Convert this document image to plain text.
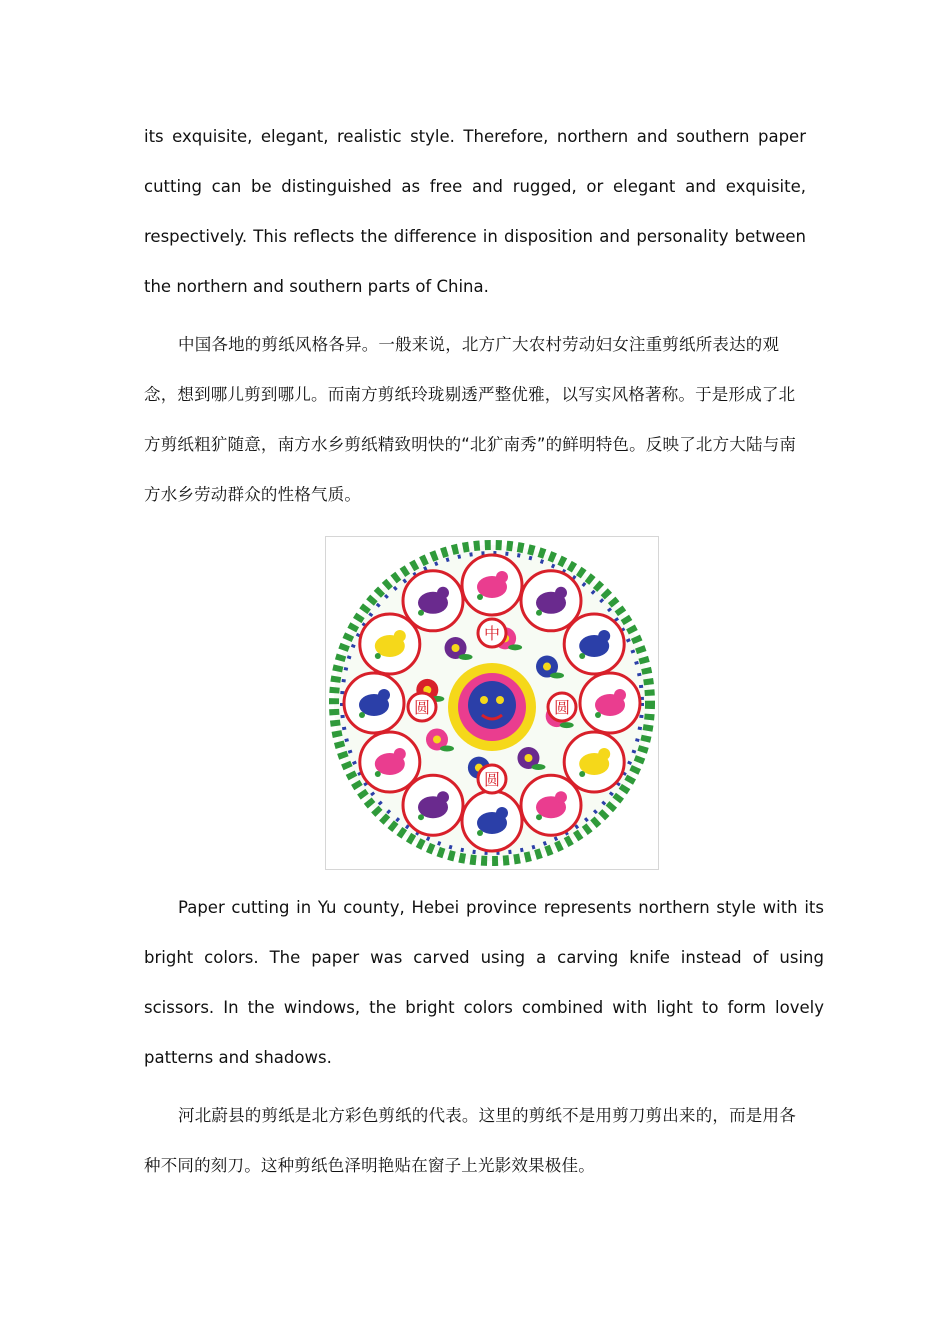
its exquisite, elegant, realistic style. Therefore, northern and southern paper cutting can be distinguished as free and rugged, or elegant and exquisite, respectively. This reflects the difference in disposition and personality between the northern and southern parts of China.

中国各地的剪纸风格各异。一般来说，北方广大农村劳动妇女注重剪纸所表达的观念，想到哪儿剪到哪儿。而南方剪纸玲珑剔透严整优雅，以写实风格著称。于是形成了北方剪纸粗犷随意，南方水乡剪纸精致明快的“北犷南秀”的鲜明特色。反映了北方大陆与南方水乡劳动群众的性格气质。

中
圆
圆
圆

Paper cutting in Yu county, Hebei province represents northern style with its bright colors. The paper was carved using a carving knife instead of using scissors. In the windows, the bright colors combined with light to form lovely patterns and shadows.

河北蔚县的剪纸是北方彩色剪纸的代表。这里的剪纸不是用剪刀剪出来的，而是用各种不同的刻刀。这种剪纸色泽明艳贴在窗子上光影效果极佳。
